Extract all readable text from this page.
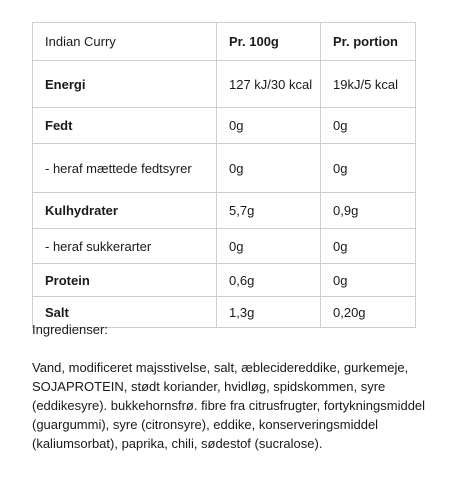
Indian Curry	Pr. 100g	Pr. portion
Energi	127 kJ/30 kcal	19kJ/5 kcal
Fedt	0g	0g
- heraf mættede fedtsyrer	0g	0g
Kulhydrater	5,7g	0,9g
- heraf sukkerarter	0g	0g
Protein	0,6g	0g
Salt	1,3g	0,20g
Ingredienser:
Vand, modificeret majsstivelse, salt, æblecidereddike, gurkemeje, SOJAPROTEIN, stødt koriander, hvidløg, spidskommen, syre (eddikesyre). bukkehornsfrø. fibre fra citrusfrugter, fortykningsmiddel (guargummi), syre (citronsyre), eddike, konserveringsmiddel (kaliumsorbat), paprika, chili, sødestof (sucralose).
